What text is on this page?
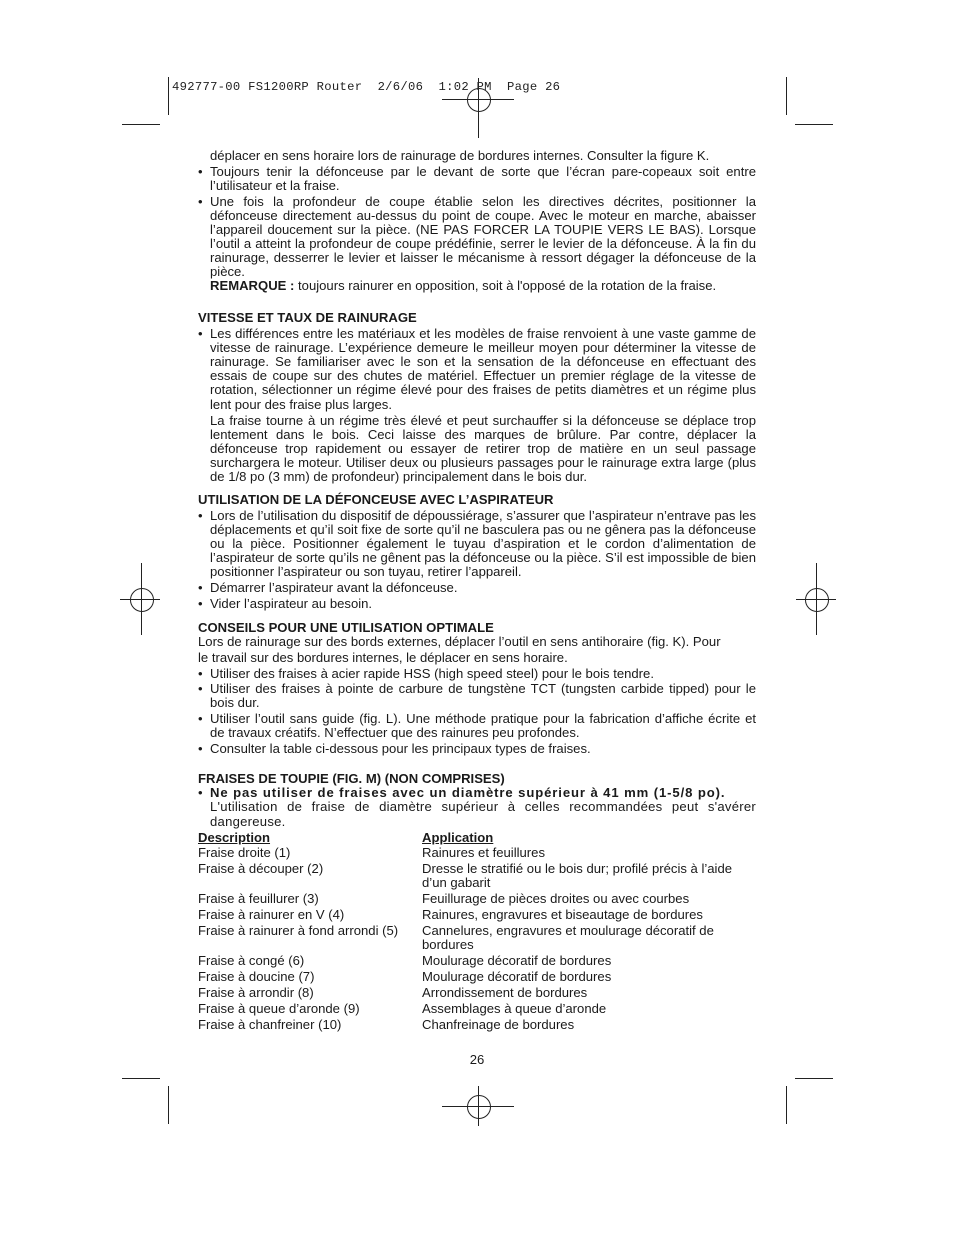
492777-00 FS1200RP Router  2/6/06  1:02 PM  Page 26

déplacer en sens horaire lors de rainurage de bordures internes. Consulter la figure K.

• Toujours tenir la défonceuse par le devant de sorte que l’écran pare-copeaux soit entre l’utilisateur et la fraise.
• Une fois la profondeur de coupe établie selon les directives décrites, positionner la défonceuse directement au-dessus du point de coupe. Avec le moteur en marche, abaisser l’appareil doucement sur la pièce. (NE PAS FORCER LA TOUPIE VERS LE BAS). Lorsque l’outil a atteint la profondeur de coupe prédéfinie, serrer le levier de la défonceuse. À la fin du rainurage, desserrer le levier et laisser le mécanisme à ressort dégager la défonceuse de la pièce.

REMARQUE : toujours rainurer en opposition, soit à l'opposé de la rotation de la fraise.

VITESSE ET TAUX DE RAINURAGE
• Les différences entre les matériaux et les modèles de fraise renvoient à une vaste gamme de vitesse de rainurage. L’expérience demeure le meilleur moyen pour déterminer la vitesse de rainurage. Se familiariser avec le son et la sensation de la défonceuse en effectuant des essais de coupe sur des chutes de matériel. Effectuer un premier réglage de la vitesse de rotation, sélectionner un régime élevé pour des fraises de petits diamètres et un régime plus lent pour des fraise plus larges.

La fraise tourne à un régime très élevé et peut surchauffer si la défonceuse se déplace trop lentement dans le bois. Ceci laisse des marques de brûlure. Par contre, déplacer la défonceuse trop rapidement ou essayer de retirer trop de matière en un seul passage surchargera le moteur. Utiliser deux ou plusieurs passages pour le rainurage extra large (plus de 1/8 po (3 mm) de profondeur) principalement dans le bois dur.

UTILISATION DE LA DÉFONCEUSE AVEC L’ASPIRATEUR
• Lors de l’utilisation du dispositif de dépoussiérage, s’assurer que l’aspirateur n’entrave pas les déplacements et qu’il soit fixe de sorte qu’il ne basculera pas ou ne gênera pas la défonceuse ou la pièce. Positionner également le tuyau d’aspiration et le cordon d’alimentation de l’aspirateur de sorte qu’ils ne gênent pas la défonceuse ou la pièce. S’il est impossible de bien positionner l’aspirateur ou son tuyau, retirer l’appareil.
• Démarrer l’aspirateur avant la défonceuse.
• Vider l’aspirateur au besoin.
CONSEILS POUR UNE UTILISATION OPTIMALE

Lors de rainurage sur des bords externes, déplacer l’outil en sens antihoraire (fig. K). Pour

le travail sur des bordures internes, le déplacer en sens horaire.

• Utiliser des fraises à acier rapide HSS (high speed steel) pour le bois tendre.
• Utiliser des fraises à pointe de carbure de tungstène TCT (tungsten carbide tipped) pour le bois dur.
• Utiliser l’outil sans guide (fig. L). Une méthode pratique pour la fabrication d’affiche écrite et de travaux créatifs. N’effectuer que des rainures peu profondes.
• Consulter la table ci-dessous pour les principaux types de fraises.
FRAISES DE TOUPIE (FIG. M) (NON COMPRISES)
• Ne pas utiliser de fraises avec un diamètre supérieur à 41 mm (1-5/8 po).

L'utilisation de fraise de diamètre supérieur à celles recommandées peut s'avérer dangereuse.

Description	Application
Fraise droite (1)	Rainures et feuillures
Fraise à découper (2)	Dresse le stratifié ou le bois dur; profilé précis à l’aide d’un gabarit
Fraise à feuillurer (3)	Feuillurage de pièces droites ou avec courbes
Fraise à rainurer en V (4)	Rainures, engravures et biseautage de bordures
Fraise à rainurer à fond arrondi (5)	Cannelures, engravures et moulurage décoratif de bordures
Fraise à congé (6)	Moulurage décoratif de bordures
Fraise à doucine (7)	Moulurage décoratif de bordures
Fraise à arrondir (8)	Arrondissement de bordures
Fraise à queue d’aronde (9)	Assemblages à queue d’aronde
Fraise à chanfreiner (10)	Chanfreinage de bordures
26
